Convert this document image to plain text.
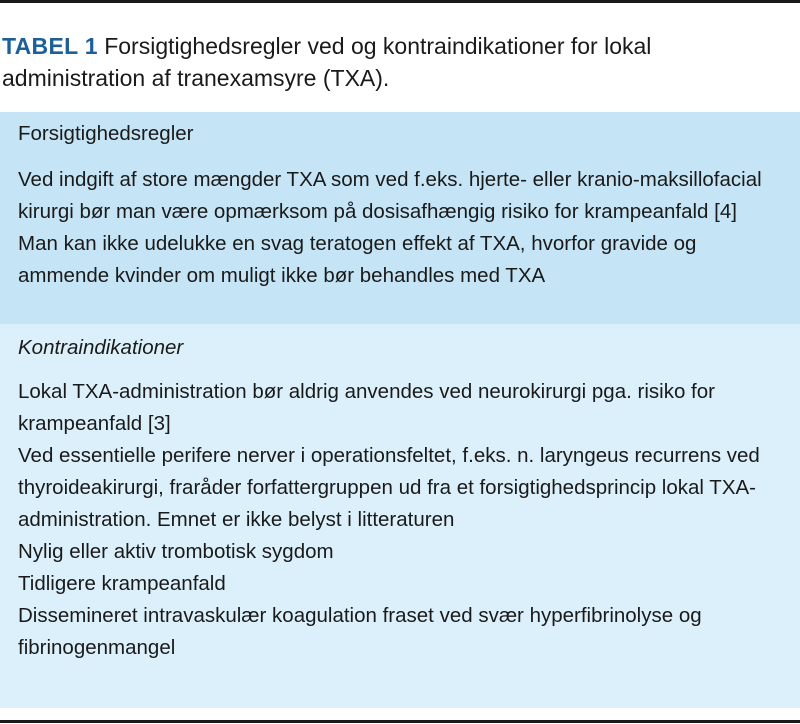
TABEL 1 Forsigtighedsregler ved og kontraindikationer for lokal administration af tranexamsyre (TXA).
Forsigtighedsregler

Ved indgift af store mængder TXA som ved f.eks. hjerte- eller kranio-maksillofacial kirurgi bør man være opmærksom på dosisafhængig risiko for krampeanfald [4]

Man kan ikke udelukke en svag teratogen effekt af TXA, hvorfor gravide og ammende kvinder om muligt ikke bør behandles med TXA

Kontraindikationer

Lokal TXA-administration bør aldrig anvendes ved neurokirurgi pga. risiko for krampeanfald [3]

Ved essentielle perifere nerver i operationsfeltet, f.eks. n. laryngeus recurrens ved thyroideakirurgi, fraråder forfattergruppen ud fra et forsigtighedsprincip lokal TXA-administration. Emnet er ikke belyst i litteraturen

Nylig eller aktiv trombotisk sygdom

Tidligere krampeanfald

Dissemineret intravaskulær koagulation fraset ved svær hyperfibrinolyse og fibrinogenmangel
